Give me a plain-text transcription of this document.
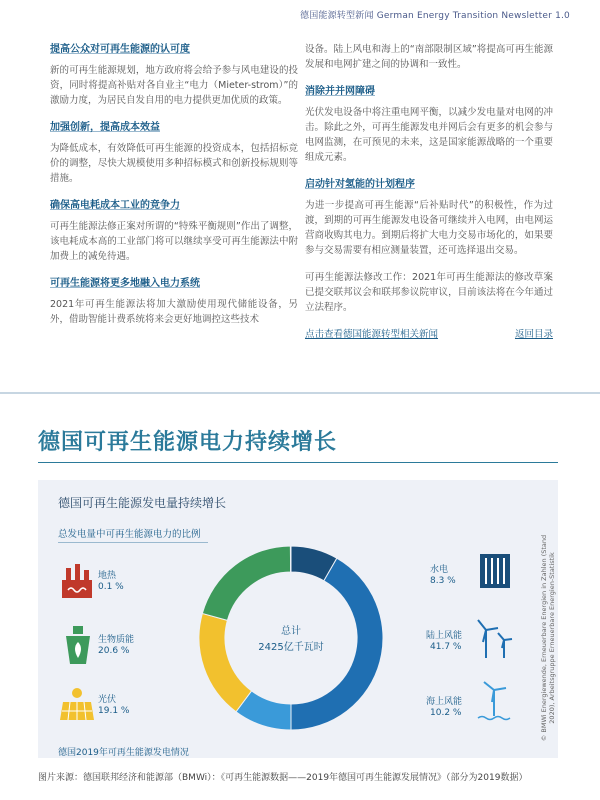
德国能源转型新闻 German Energy Transition Newsletter 1.0
提高公众对可再生能源的认可度
新的可再生能源规划，地方政府将会给予参与风电建设的投资，同时将提高补贴对各自业主“电力（Mieter-strom）”的激励力度，为居民自发自用的电力提供更加优质的政策。
加强创新，提高成本效益
为降低成本，有效降低可再生能源的投资成本，包括招标竞价的调整，尽快大规模使用多种招标模式和创新投标规则等措施。
确保高电耗成本工业的竞争力
可再生能源法修正案对所谓的“特殊平衡规则”作出了调整，该电耗成本高的工业部门将可以继续享受可再生能源法中附加费上的减免待遇。
可再生能源将更多地融入电力系统
2021年可再生能源法将加大激励使用现代储能设备，另外，借助智能计费系统将来会更好地调控这些技术
设备。陆上风电和海上的“南部限制区域”将提高可再生能源发展和电网扩建之间的协调和一致性。
消除并并网障碍
光伏发电设备中将注重电网平衡，以减少发电量对电网的冲击。除此之外，可再生能源发电并网后会有更多的机会参与电网监测，在可预见的未来，这是国家能源战略的一个重要组成元素。
启动针对氢能的计划程序
为进一步提高可再生能源“后补贴时代”的积极性，作为过渡，到期的可再生能源发电设备可继续并入电网，由电网运营商收购其电力。到期后将扩大电力交易市场化的，如果要参与交易需要有相应测量装置，还可选择退出交易。
可再生能源法修改工作：2021年可再生能源法的修改草案已提交联邦议会和联邦参议院审议，目前该法将在今年通过立法程序。
点击查看德国能源转型相关新闻	返回目录
德国可再生能源电力持续增长
德国可再生能源发电量持续增长
总发电量中可再生能源电力的比例
总计
2425亿千瓦时
地热
0.1 %
生物质能
20.6 %
光伏
19.1 %
水电
8.3 %
陆上风能
41.7 %
海上风能
10.2 %	© BMWi Energiewende, Erneuerbare Energien in Zahlen (Stand 2020), Arbeitsgruppe Erneuerbare Energien-Statistik
德国2019年可再生能源发电情况
图片来源：德国联邦经济和能源部（BMWi）：《可再生能源数据——2019年德国可再生能源发展情况》（部分为2019数据）
